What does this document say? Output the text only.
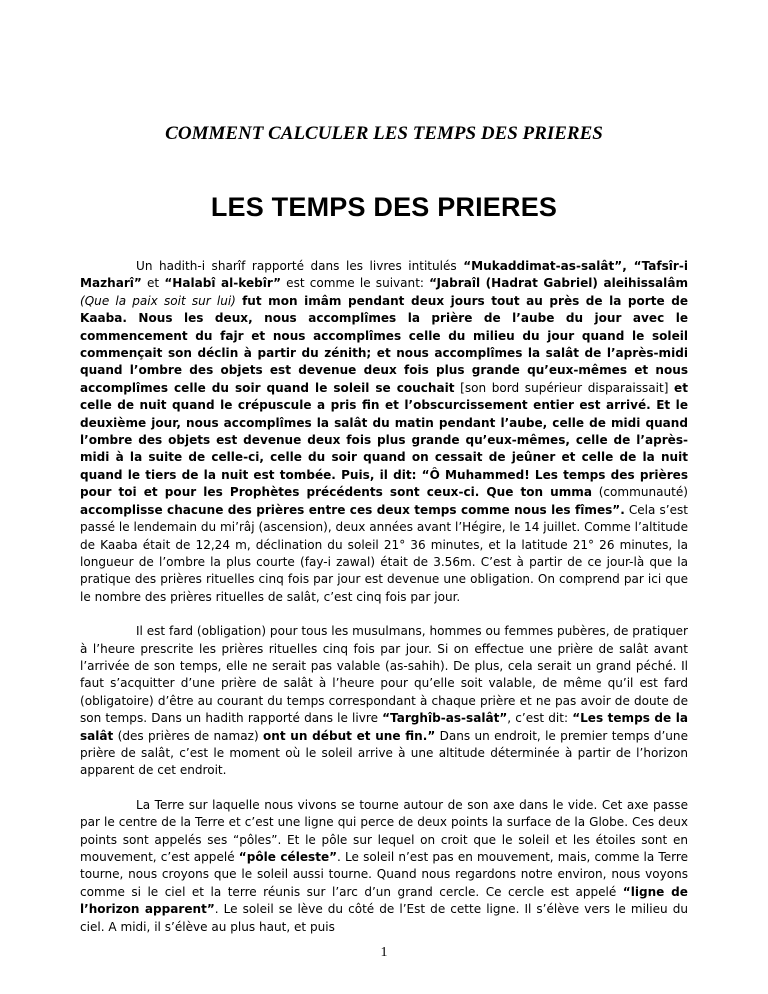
COMMENT CALCULER LES TEMPS DES PRIERES
LES TEMPS DES PRIERES

Un hadith-i sharîf rapporté dans les livres intitulés “Mukaddimat-as-salât”, “Tafsîr-i Mazharî” et “Halabî al-kebîr” est comme le suivant: “Jabraîl (Hadrat Gabriel) aleihissalâm (Que la paix soit sur lui) fut mon imâm pendant deux jours tout au près de la porte de Kaaba. Nous les deux, nous accomplîmes la prière de l’aube du jour avec le commencement du fajr et nous accomplîmes celle du milieu du jour quand le soleil commençait son déclin à partir du zénith; et nous accomplîmes la salât de l’après-midi quand l’ombre des objets est devenue deux fois plus grande qu’eux-mêmes et nous accomplîmes celle du soir quand le soleil se couchait [son bord supérieur disparaissait] et celle de nuit quand le crépuscule a pris fin et l’obscurcissement entier est arrivé. Et le deuxième jour, nous accomplîmes la salât du matin pendant l’aube, celle de midi quand l’ombre des objets est devenue deux fois plus grande qu’eux-mêmes, celle de l’après-midi à la suite de celle-ci, celle du soir quand on cessait de jeûner et celle de la nuit quand le tiers de la nuit est tombée. Puis, il dit: “Ô Muhammed! Les temps des prières pour toi et pour les Prophètes précédents sont ceux-ci. Que ton umma (communauté) accomplisse chacune des prières entre ces deux temps comme nous les fîmes”. Cela s’est passé le lendemain du mi’râj (ascension), deux années avant l’Hégire, le 14 juillet. Comme l’altitude de Kaaba était de 12,24 m, déclination du soleil 21° 36 minutes, et la latitude 21° 26 minutes, la longueur de l’ombre la plus courte (fay-i zawal) était de 3.56m. C’est à partir de ce jour-là que la pratique des prières rituelles cinq fois par jour est devenue une obligation. On comprend par ici que le nombre des prières rituelles de salât, c’est cinq fois par jour.

Il est fard (obligation) pour tous les musulmans, hommes ou femmes pubères, de pratiquer à l’heure prescrite les prières rituelles cinq fois par jour. Si on effectue une prière de salât avant l’arrivée de son temps, elle ne serait pas valable (as-sahih). De plus, cela serait un grand péché. Il faut s’acquitter d’une prière de salât à l’heure pour qu’elle soit valable, de même qu’il est fard (obligatoire) d’être au courant du temps correspondant à chaque prière et ne pas avoir de doute de son temps. Dans un hadith rapporté dans le livre “Targhîb-as-salât”, c’est dit: “Les temps de la salât (des prières de namaz) ont un début et une fin.” Dans un endroit, le premier temps d’une prière de salât, c’est le moment où le soleil arrive à une altitude déterminée à partir de l’horizon apparent de cet endroit.

La Terre sur laquelle nous vivons se tourne autour de son axe dans le vide. Cet axe passe par le centre de la Terre et c’est une ligne qui perce de deux points la surface de la Globe. Ces deux points sont appelés ses “pôles”. Et le pôle sur lequel on croit que le soleil et les étoiles sont en mouvement, c’est appelé “pôle céleste”. Le soleil n’est pas en mouvement, mais, comme la Terre tourne, nous croyons que le soleil aussi tourne. Quand nous regardons notre environ, nous voyons comme si le ciel et la terre réunis sur l’arc d’un grand cercle. Ce cercle est appelé “ligne de l’horizon apparent”. Le soleil se lève du côté de l’Est de cette ligne. Il s’élève vers le milieu du ciel. A midi, il s’élève au plus haut, et puis

1
